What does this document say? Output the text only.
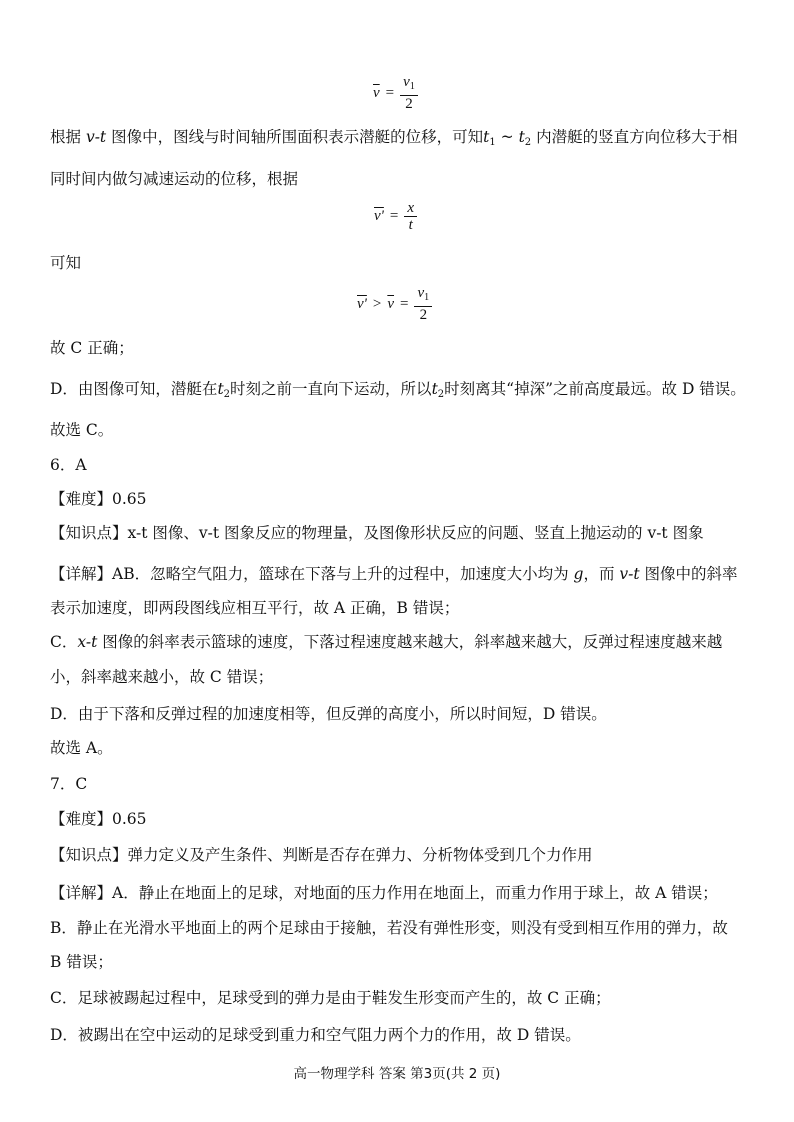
$\overline{v} = \frac{v_1}{2}$
根据 v-t 图像中，图线与时间轴所围面积表示潜艇的位移，可知$t_1$ ~ $t_2$ 内潜艇的竖直方向位移大于相
同时间内做匀减速运动的位移，根据
$v' = \frac{x}{t}$
可知
$v' > \overline{v} = \frac{v_1}{2}$
故 C 正确；
D．由图像可知，潜艇在$t_2$时刻之前一直向下运动，所以$t_2$时刻离其“掉深”之前高度最远。故 D 错误。
故选 C。
6．A
【难度】0.65
【知识点】x-t 图像、v-t 图象反应的物理量，及图像形状反应的问题、竖直上抛运动的 v-t 图象
【详解】AB．忽略空气阻力，篮球在下落与上升的过程中，加速度大小均为 g，而 v-t 图像中的斜率
表示加速度，即两段图线应相互平行，故 A 正确，B 错误；
C．x-t 图像的斜率表示篮球的速度，下落过程速度越来越大，斜率越来越大，反弹过程速度越来越
小，斜率越来越小，故 C 错误；
D．由于下落和反弹过程的加速度相等，但反弹的高度小，所以时间短，D 错误。
故选 A。
7．C
【难度】0.65
【知识点】弹力定义及产生条件、判断是否存在弹力、分析物体受到几个力作用
【详解】A．静止在地面上的足球，对地面的压力作用在地面上，而重力作用于球上，故 A 错误；
B．静止在光滑水平地面上的两个足球由于接触，若没有弹性形变，则没有受到相互作用的弹力，故
B 错误；
C．足球被踢起过程中，足球受到的弹力是由于鞋发生形变而产生的，故 C 正确；
D．被踢出在空中运动的足球受到重力和空气阻力两个力的作用，故 D 错误。
高一物理学科 答案 第3页(共 2 页)
